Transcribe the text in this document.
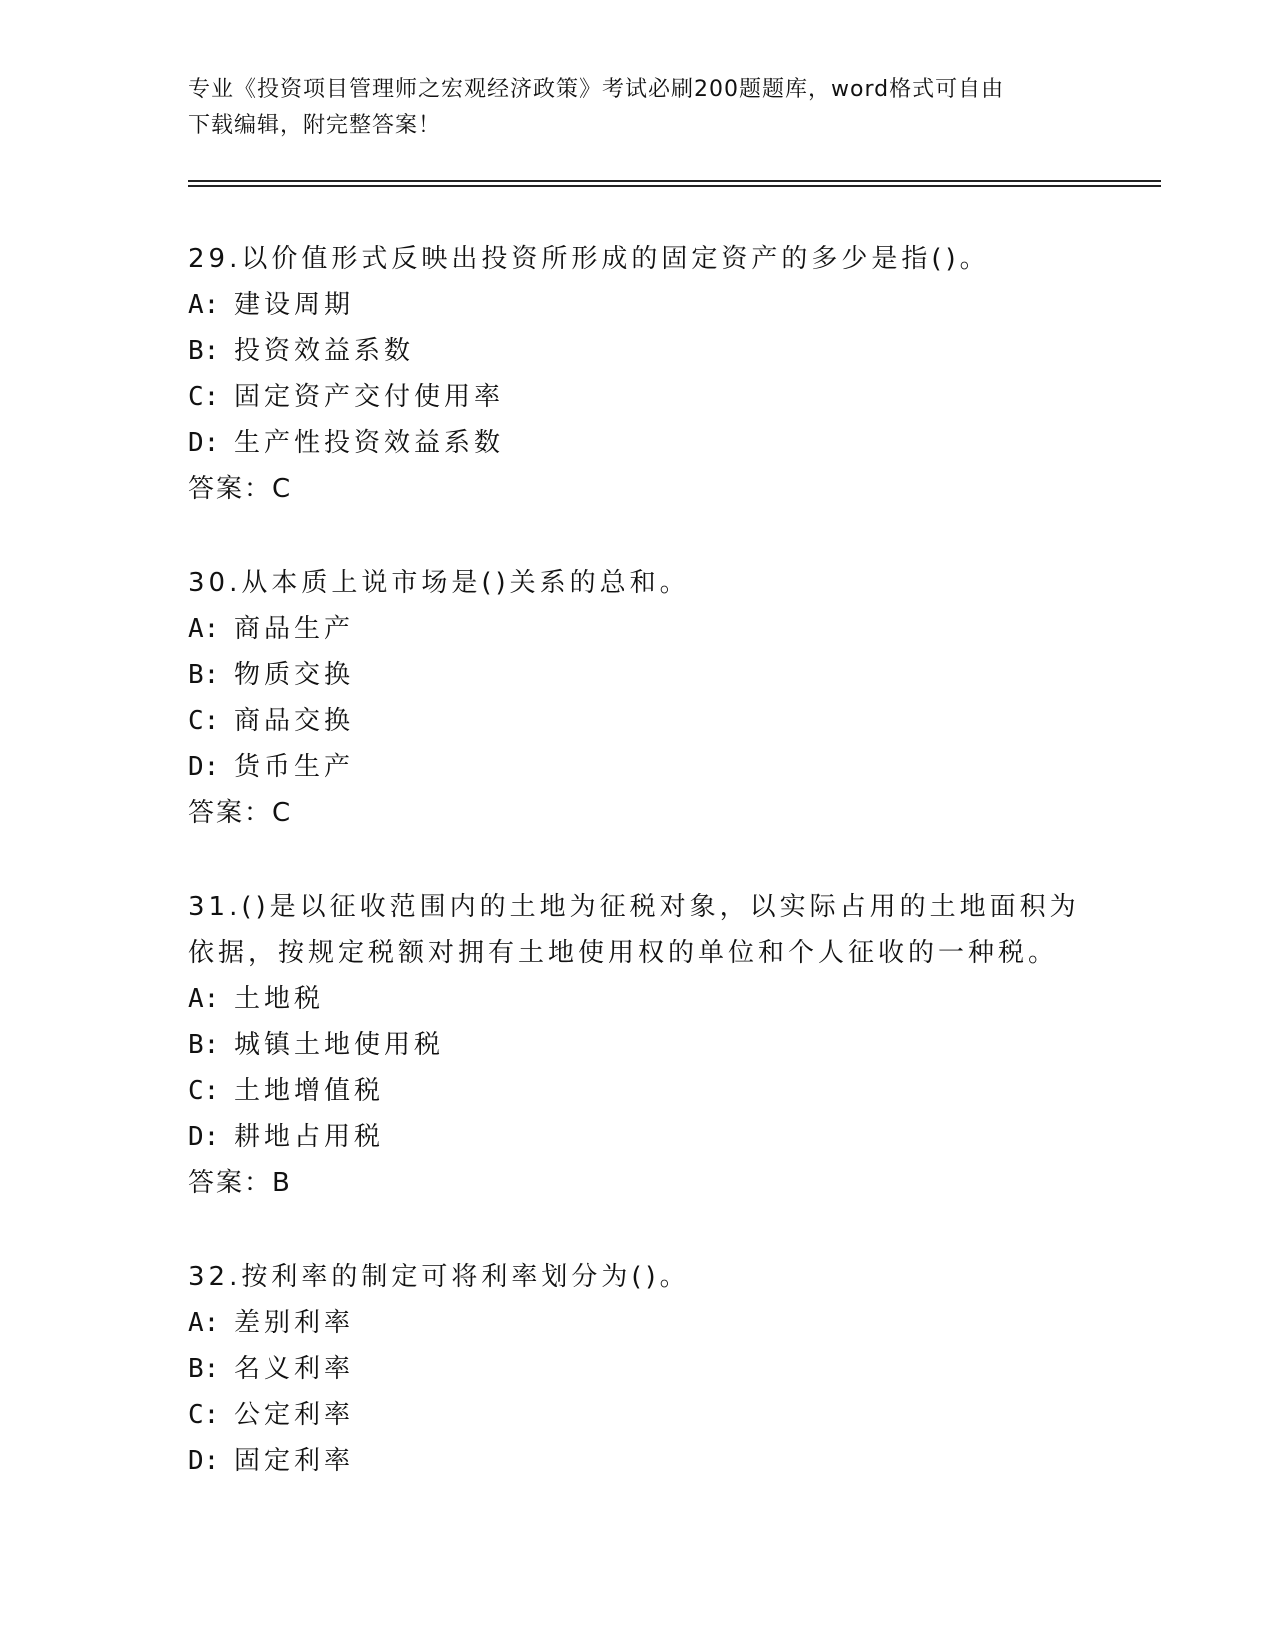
专业《投资项目管理师之宏观经济政策》考试必刷200题题库，word格式可自由
下载编辑，附完整答案！
29.以价值形式反映出投资所形成的固定资产的多少是指()。
A: 建设周期
B: 投资效益系数
C: 固定资产交付使用率
D: 生产性投资效益系数
答案：C
30.从本质上说市场是()关系的总和。
A: 商品生产
B: 物质交换
C: 商品交换
D: 货币生产
答案：C
31.()是以征收范围内的土地为征税对象，以实际占用的土地面积为依据，按规定税额对拥有土地使用权的单位和个人征收的一种税。
A: 土地税
B: 城镇土地使用税
C: 土地增值税
D: 耕地占用税
答案：B
32.按利率的制定可将利率划分为()。
A: 差别利率
B: 名义利率
C: 公定利率
D: 固定利率
